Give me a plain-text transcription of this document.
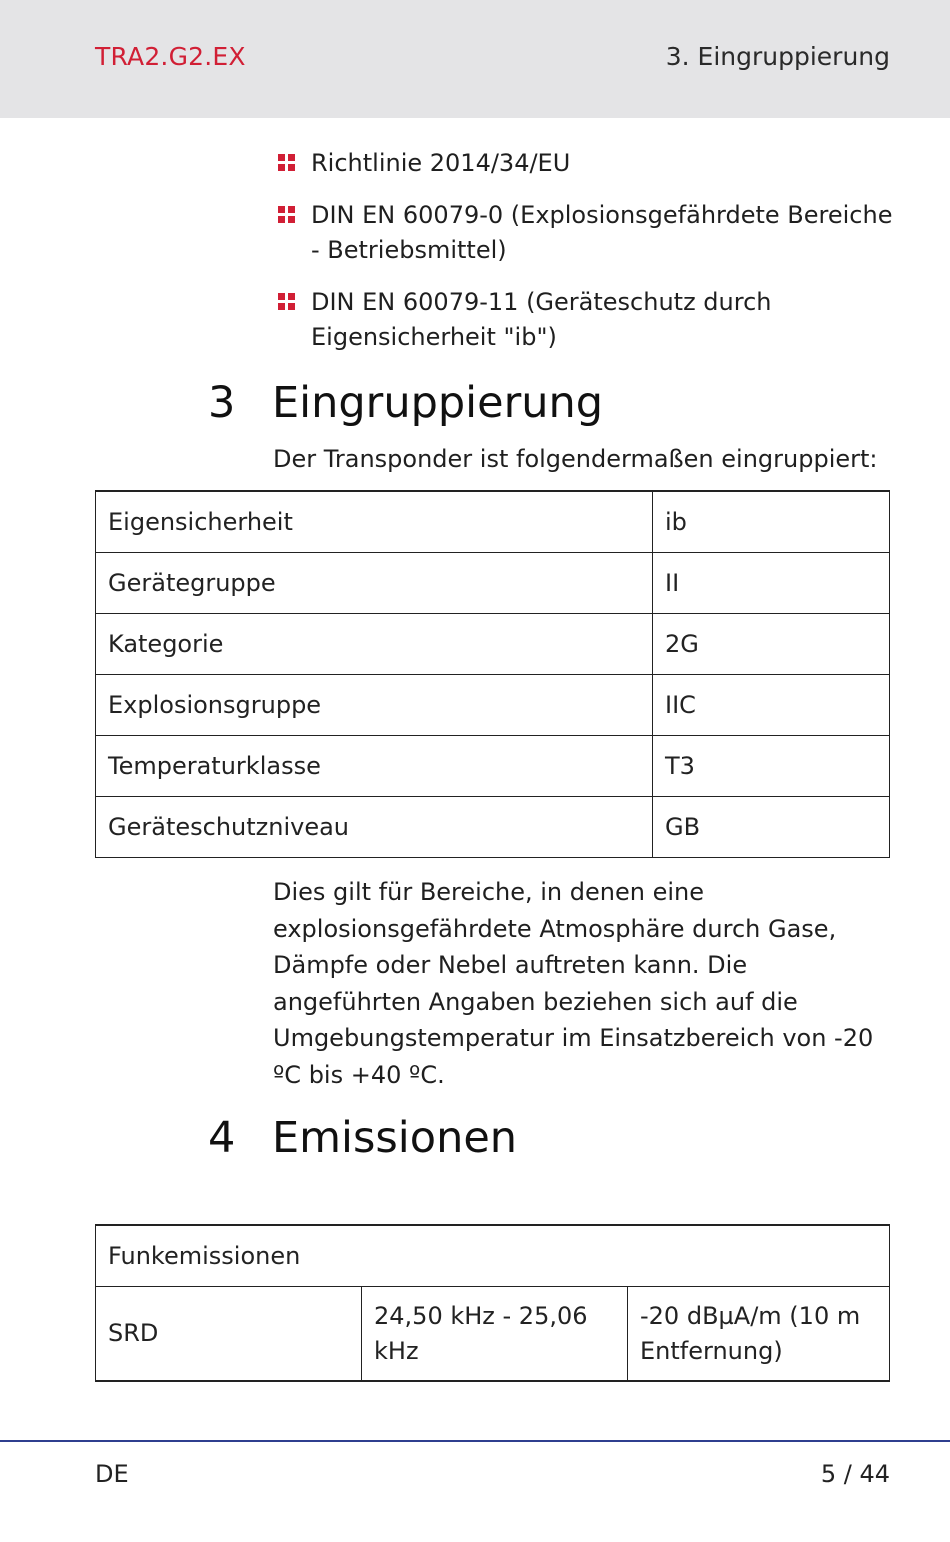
TRA2.G2.EX	3. Eingruppierung
Richtlinie 2014/34/EU
DIN EN 60079-0 (Explosionsgefährdete Bereiche - Betriebsmittel)
DIN EN 60079-11 (Geräteschutz durch Eigensicherheit "ib")
3 Eingruppierung
Der Transponder ist folgendermaßen eingruppiert:
Eigensicherheit	ib
Gerätegruppe	II
Kategorie	2G
Explosionsgruppe	IIC
Temperaturklasse	T3
Geräteschutzniveau	GB

Dies gilt für Bereiche, in denen eine explosionsgefährdete Atmosphäre durch Gase, Dämpfe oder Nebel auftreten kann. Die angeführten Angaben beziehen sich auf die Umgebungstemperatur im Einsatzbereich von -20 ºC bis +40 ºC.

4 Emissionen
Funkemissionen
SRD	24,50 kHz - 25,06 kHz	-20 dBµA/m (10 m Entfernung)
DE	5 / 44
